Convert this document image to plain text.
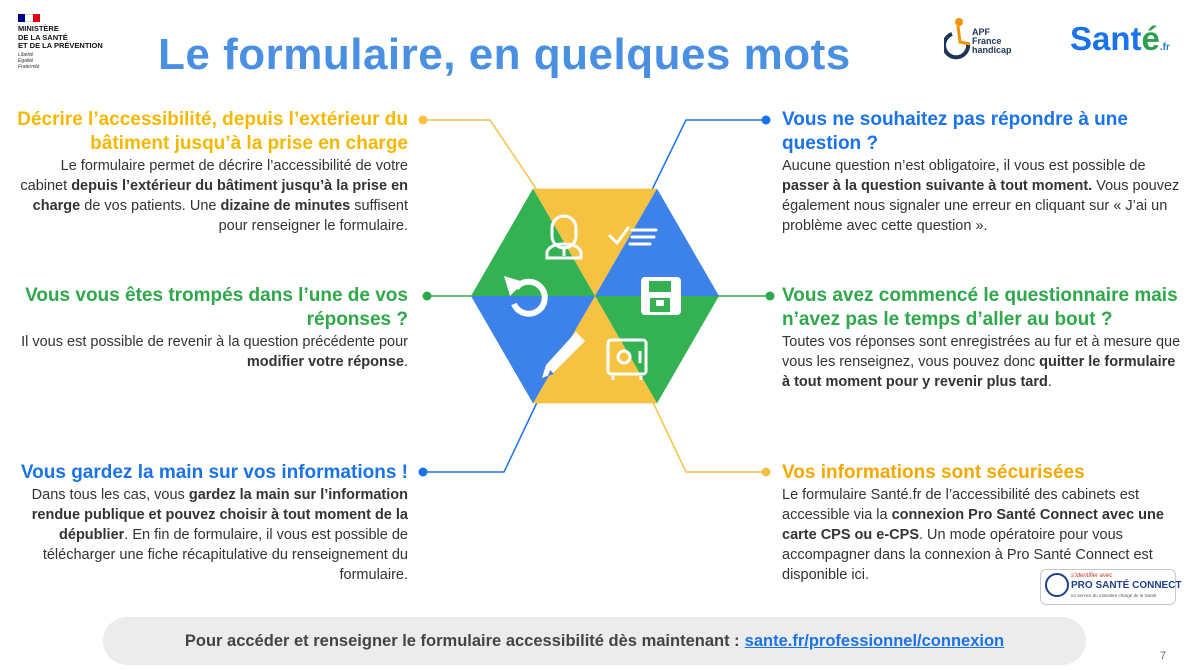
MINISTÈRE
DE LA SANTÉ
ET DE LA PRÉVENTION
Liberté
Égalité
Fraternité	Le formulaire, en quelques mots	APF
France
handicap Santé.fr
Décrire l’accessibilité, depuis l’extérieur du bâtiment jusqu’à la prise en charge

Le formulaire permet de décrire l’accessibilité de votre cabinet depuis l’extérieur du bâtiment jusqu’à la prise en charge de vos patients. Une dizaine de minutes suffisent pour renseigner le formulaire.

Vous vous êtes trompés dans l’une de vos réponses ?

Il vous est possible de revenir à la question précédente pour modifier votre réponse.

Vous gardez la main sur vos informations !

Dans tous les cas, vous gardez la main sur l’information rendue publique et pouvez choisir à tout moment de la dépublier. En fin de formulaire, il vous est possible de télécharger une fiche récapitulative du renseignement du formulaire.

Vous ne souhaitez pas répondre à une question ?

Aucune question n’est obligatoire, il vous est possible de passer à la question suivante à tout moment. Vous pouvez également nous signaler une erreur en cliquant sur « J’ai un problème avec cette question ».

Vous avez commencé le questionnaire mais n’avez pas le temps d’aller au bout ?

Toutes vos réponses sont enregistrées au fur et à mesure que vous les renseignez, vous pouvez donc quitter le formulaire à tout moment pour y revenir plus tard.

Vos informations sont sécurisées

Le formulaire Santé.fr de l’accessibilité des cabinets est accessible via la connexion Pro Santé Connect avec une carte CPS ou e-CPS. Un mode opératoire pour vous accompagner dans la connexion à Pro Santé Connect est disponible ici.	s’identifier avec
PRO SANTÉ CONNECT
un service du ministère chargé de la Santé
Pour accéder et renseigner le formulaire accessibilité dès maintenant : sante.fr/professionnel/connexion
7
